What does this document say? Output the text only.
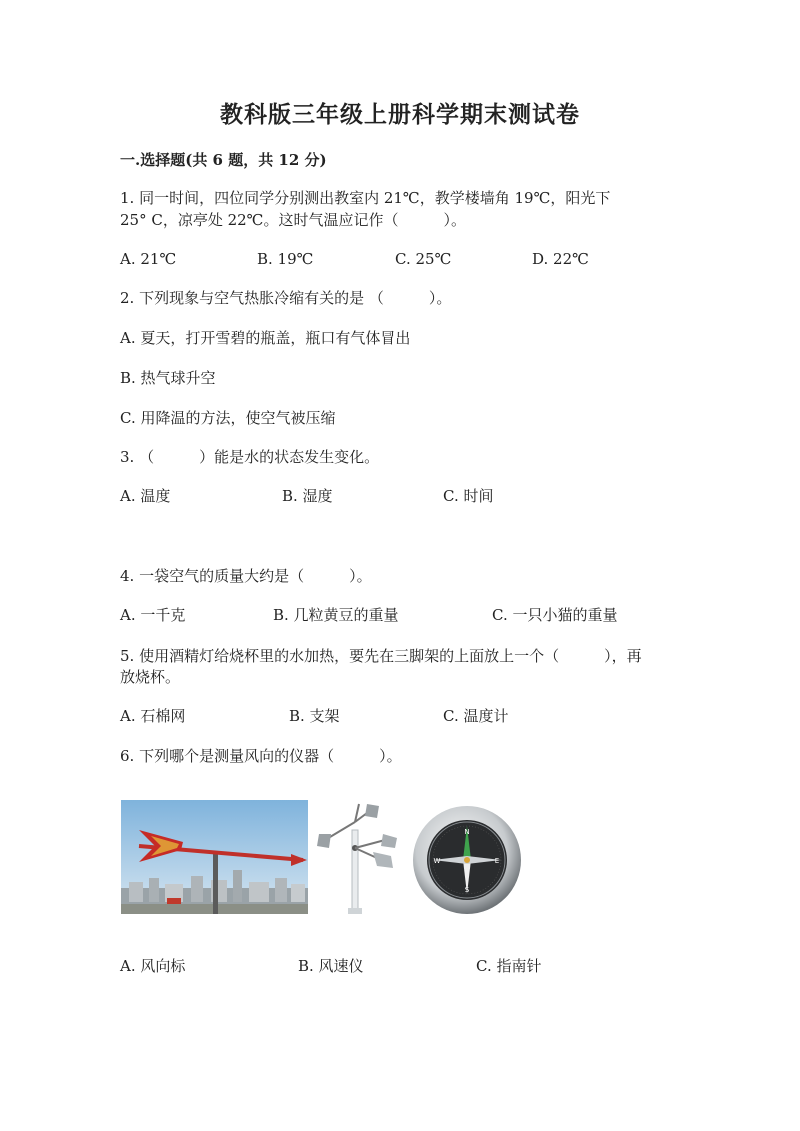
教科版三年级上册科学期末测试卷
一.选择题(共 6 题，共 12 分)
1. 同一时间，四位同学分别测出教室内 21℃，教学楼墙角 19℃，阳光下
25° C，凉亭处 22℃。这时气温应记作（　　　）。
A. 21℃	B. 19℃	C. 25℃	D. 22℃
2. 下列现象与空气热胀冷缩有关的是 （　　　）。
A. 夏天，打开雪碧的瓶盖，瓶口有气体冒出
B. 热气球升空
C. 用降温的方法，使空气被压缩
3. （　　　）能是水的状态发生变化。
A. 温度	B. 湿度	C. 时间
4. 一袋空气的质量大约是（　　　）。
A. 一千克	B. 几粒黄豆的重量	C. 一只小猫的重量
5. 使用酒精灯给烧杯里的水加热，要先在三脚架的上面放上一个（　　　），再
放烧杯。
A. 石棉网	B. 支架	C. 温度计
6. 下列哪个是测量风向的仪器（　　　）。
N
E
S
W
A. 风向标	B. 风速仪	C. 指南针
